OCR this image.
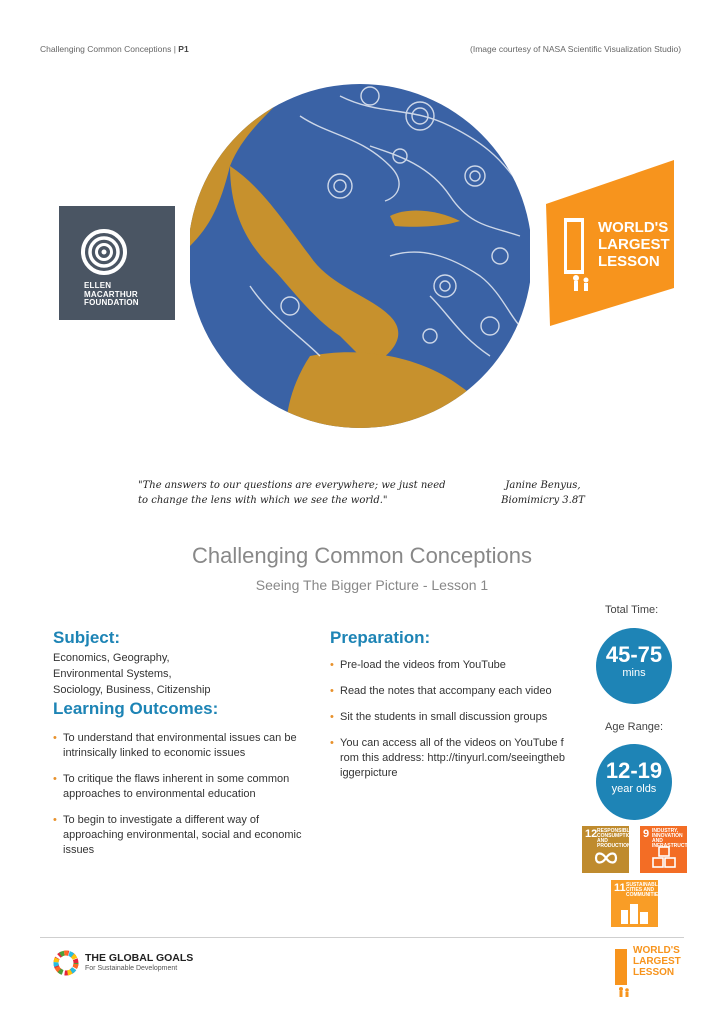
Challenging Common Conceptions | P1	(Image courtesy of NASA Scientific Visualization Studio)
ELLEN
MACARTHUR
FOUNDATION
WORLD'S
LARGEST
LESSON
"The answers to our questions are everywhere; we just need to change the lens with which we see the world."
Janine Benyus,
Biomimicry 3.8T
Challenging Common Conceptions
Seeing The Bigger Picture - Lesson 1
Subject:
Economics, Geography,
Environmental Systems,
Sociology, Business, Citizenship
Learning Outcomes:
• To understand that environmental issues can be intrinsically linked to economic issues
• To critique the flaws inherent in some common approaches to environmental education
• To begin to investigate a different way of approaching environmental, social and economic issues
Preparation:
• Pre-load the videos from YouTube
• Read the notes that accompany each video
• Sit the students in small discussion groups
• You can access all of the videos on YouTube from this address: http://tinyurl.com/seeingthebiggerpicture
Total Time:
45-75
mins
Age Range:
12-19
year olds
12 RESPONSIBLE CONSUMPTION AND PRODUCTION
9 INDUSTRY, INNOVATION AND INFRASTRUCTURE
11 SUSTAINABLE CITIES AND COMMUNITIES
THE GLOBAL GOALS
For Sustainable Development
WORLD'S
LARGEST
LESSON
